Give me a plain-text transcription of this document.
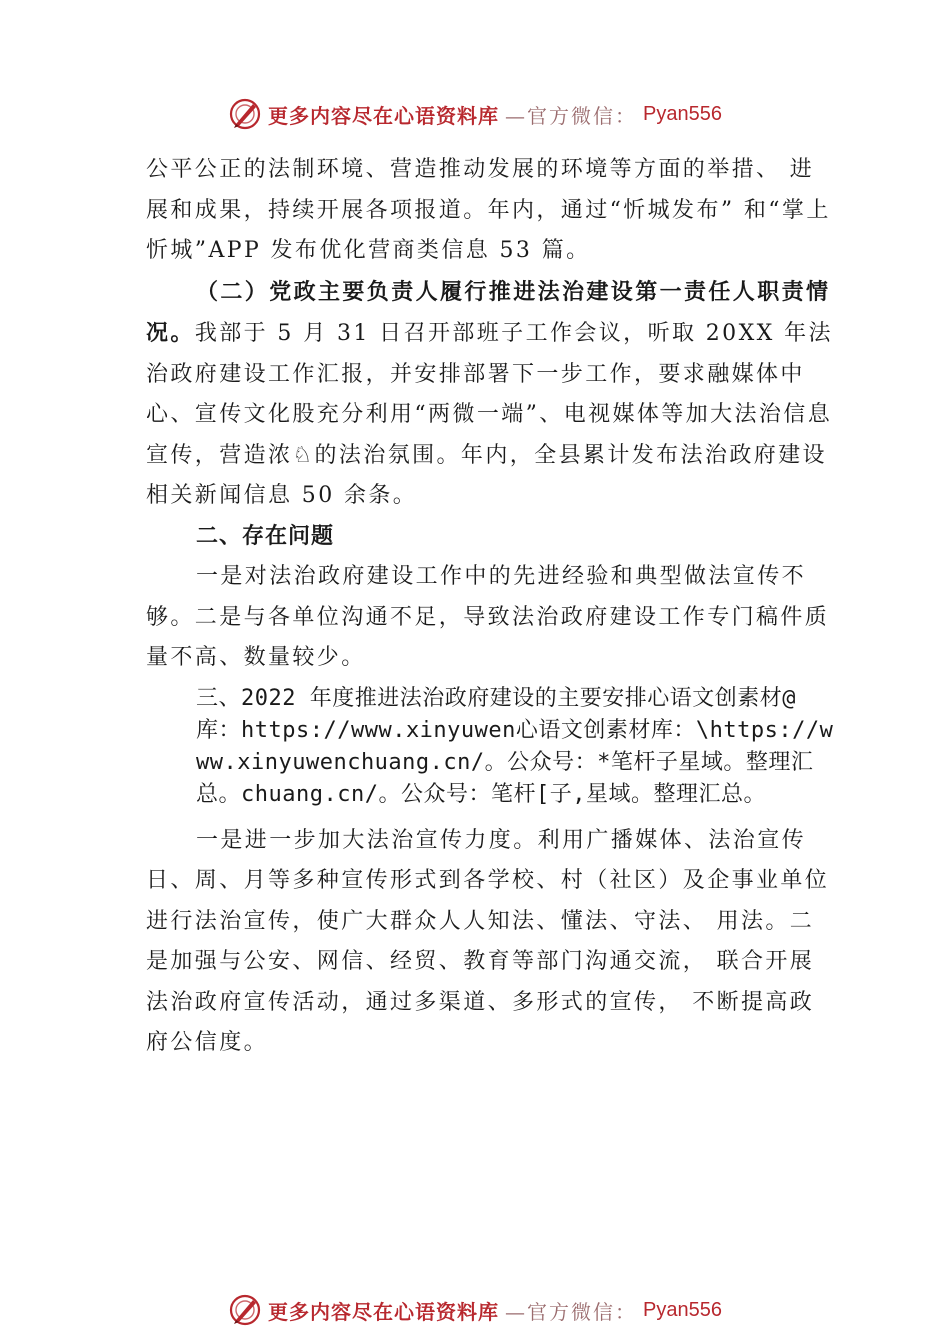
更多内容尽在心语资料库 —官方微信： Pyan556

公平公正的法制环境、营造推动发展的环境等方面的举措、 进展和成果，持续开展各项报道。年内，通过“忻城发布” 和“掌上忻城”APP 发布优化营商类信息 53 篇。

（二）党政主要负责人履行推进法治建设第一责任人职责情况。我部于 5 月 31 日召开部班子工作会议，听取 20XX 年法治政府建设工作汇报，并安排部署下一步工作，要求融媒体中心、宣传文化股充分利用“两微一端”、电视媒体等加大法治信息宣传，营造浓♘的法治氛围。年内，全县累计发布法治政府建设相关新闻信息 50 余条。

二、存在问题

一是对法治政府建设工作中的先进经验和典型做法宣传不够。二是与各单位沟通不足，导致法治政府建设工作专门稿件质量不高、数量较少。

三、2022 年度推进法治政府建设的主要安排心语文创素材@库：https://www.xinyuwen心语文创素材库：\https://www.xinyuwenchuang.cn/。公众号：*笔杆子星域。整理汇总。chuang.cn/。公众号：笔杆[子,星域。整理汇总。

一是进一步加大法治宣传力度。利用广播媒体、法治宣传日、周、月等多种宣传形式到各学校、村（社区）及企事业单位进行法治宣传，使广大群众人人知法、懂法、守法、 用法。二是加强与公安、网信、经贸、教育等部门沟通交流， 联合开展法治政府宣传活动，通过多渠道、多形式的宣传， 不断提高政府公信度。

更多内容尽在心语资料库 —官方微信： Pyan556
